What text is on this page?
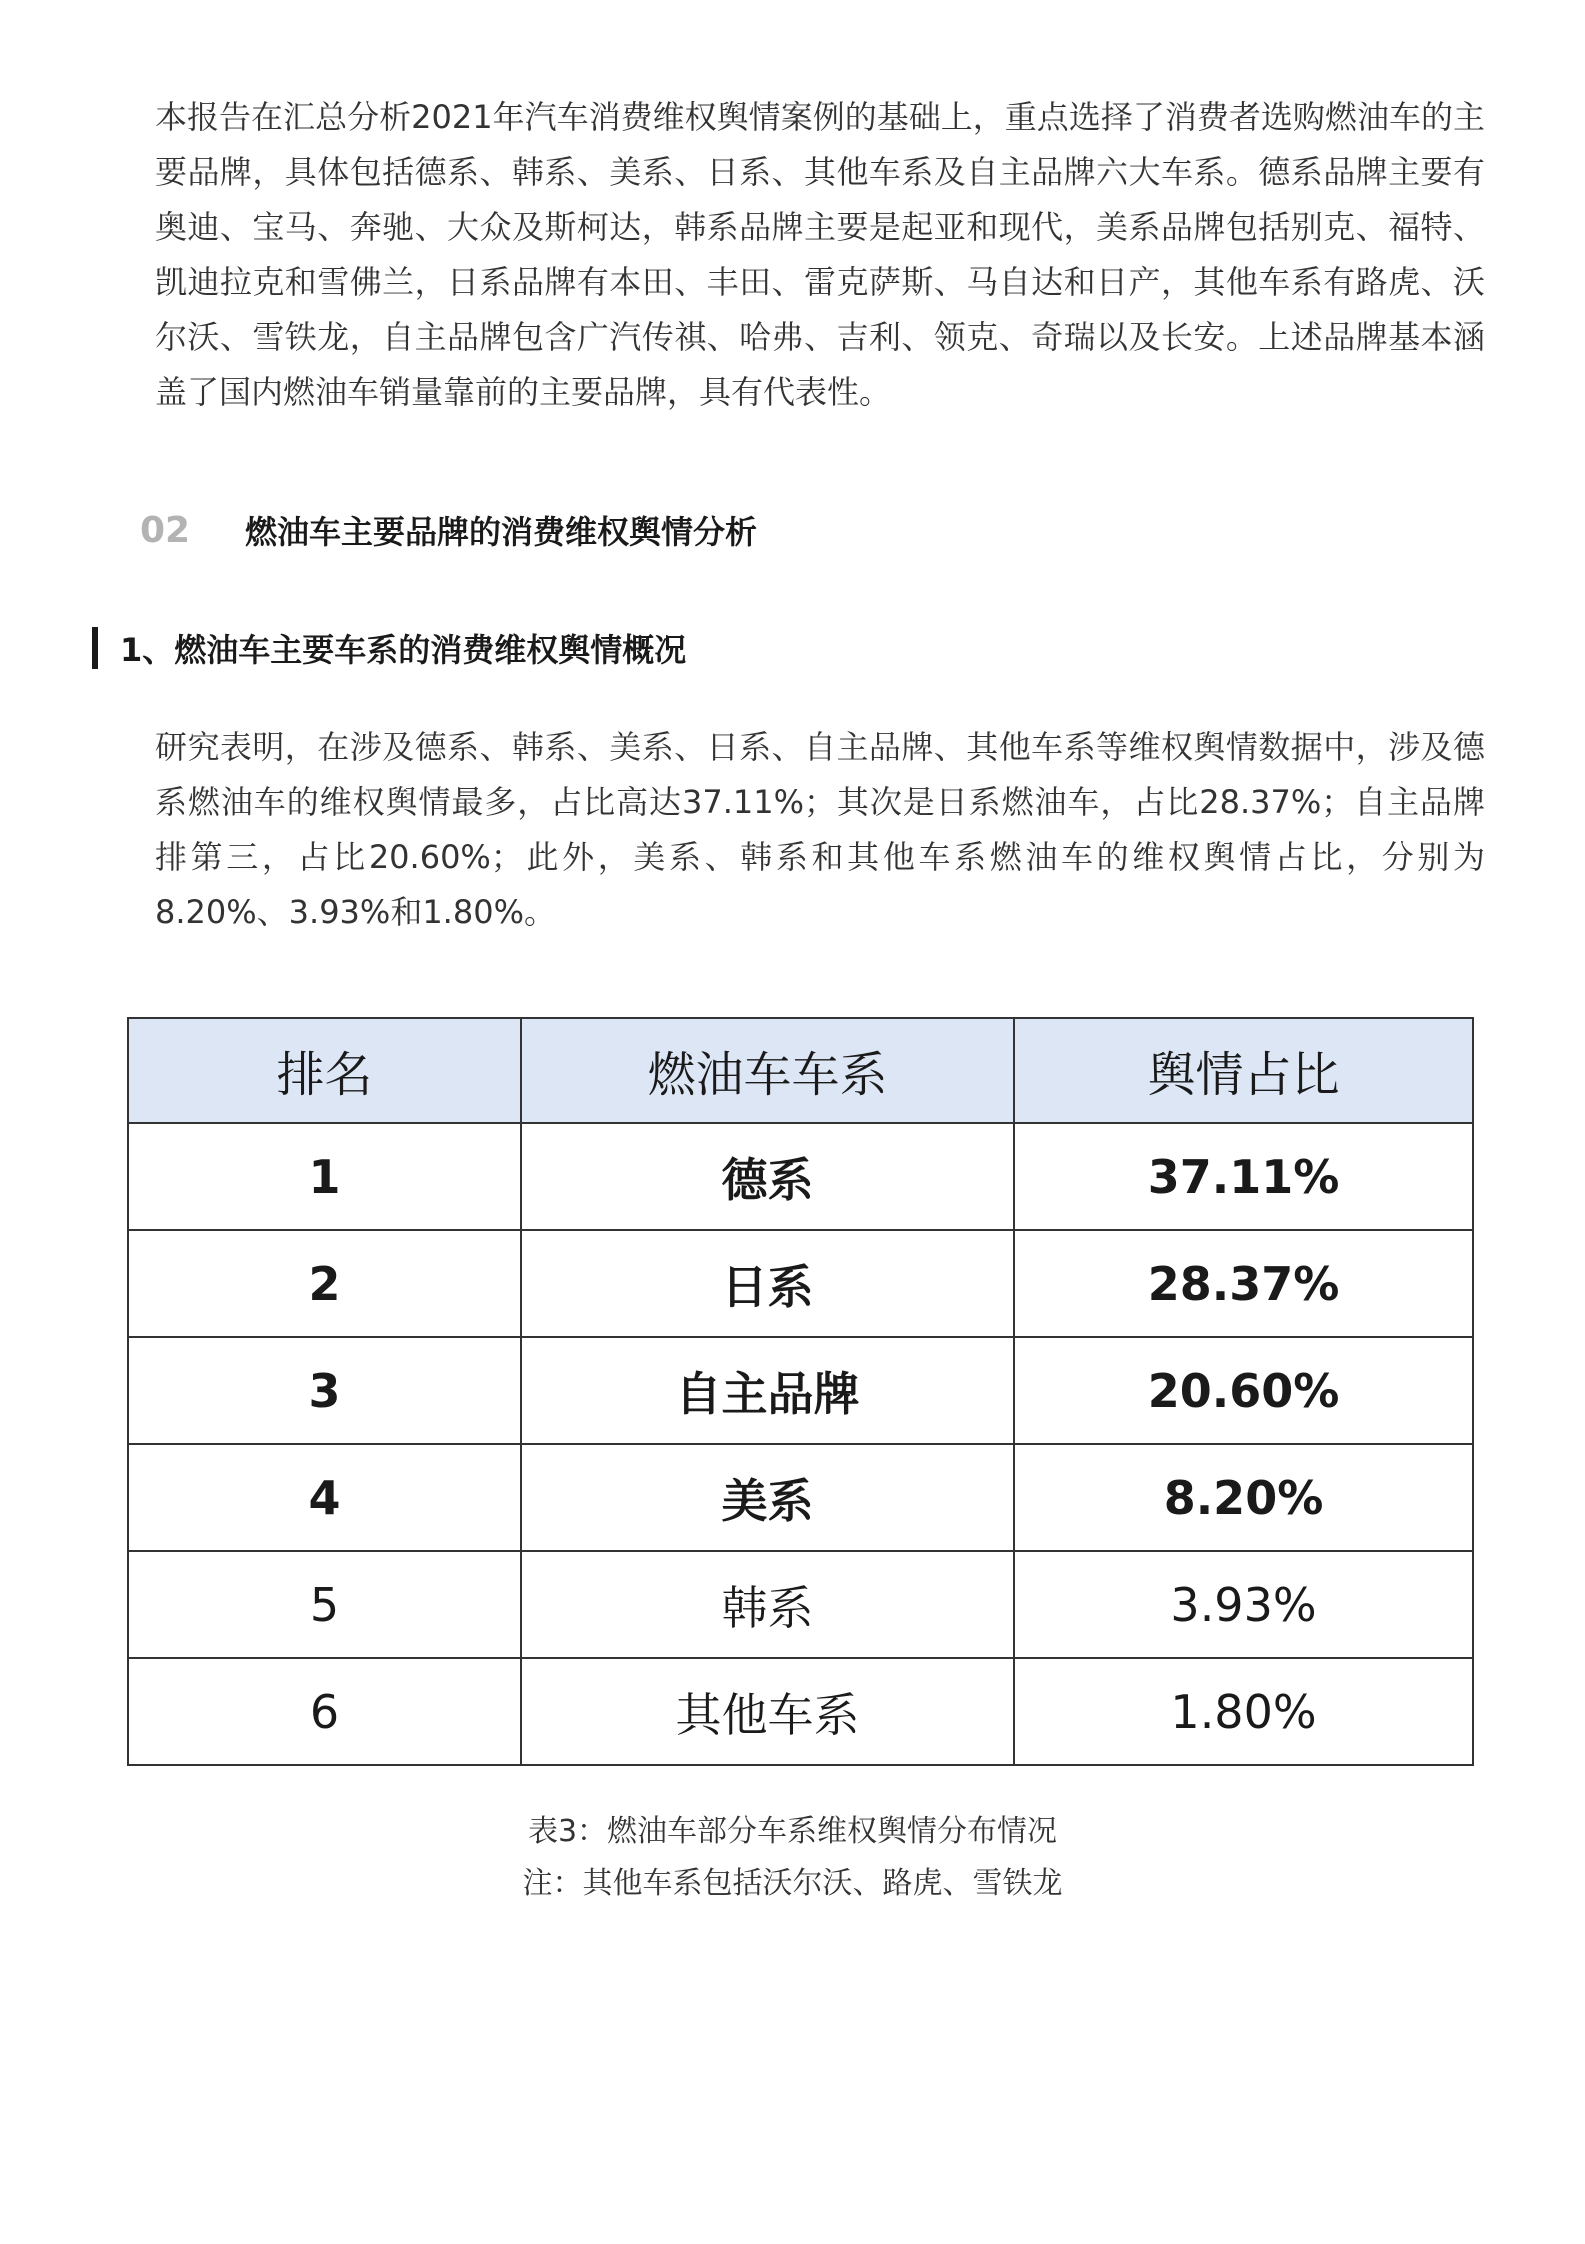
本报告在汇总分析2021年汽车消费维权舆情案例的基础上，重点选择了消费者选购燃油车的主要品牌，具体包括德系、韩系、美系、日系、其他车系及自主品牌六大车系。德系品牌主要有奥迪、宝马、奔驰、大众及斯柯达，韩系品牌主要是起亚和现代，美系品牌包括别克、福特、凯迪拉克和雪佛兰，日系品牌有本田、丰田、雷克萨斯、马自达和日产，其他车系有路虎、沃尔沃、雪铁龙，自主品牌包含广汽传祺、哈弗、吉利、领克、奇瑞以及长安。上述品牌基本涵盖了国内燃油车销量靠前的主要品牌，具有代表性。

02	燃油车主要品牌的消费维权舆情分析
1、燃油车主要车系的消费维权舆情概况

研究表明，在涉及德系、韩系、美系、日系、自主品牌、其他车系等维权舆情数据中，涉及德系燃油车的维权舆情最多，占比高达37.11%；其次是日系燃油车，占比28.37%；自主品牌排第三，占比20.60%；此外，美系、韩系和其他车系燃油车的维权舆情占比，分别为8.20%、3.93%和1.80%。

排名	燃油车车系	舆情占比
1	德系	37.11%
2	日系	28.37%
3	自主品牌	20.60%
4	美系	8.20%
5	韩系	3.93%
6	其他车系	1.80%
表3：燃油车部分车系维权舆情分布情况
注：其他车系包括沃尔沃、路虎、雪铁龙
